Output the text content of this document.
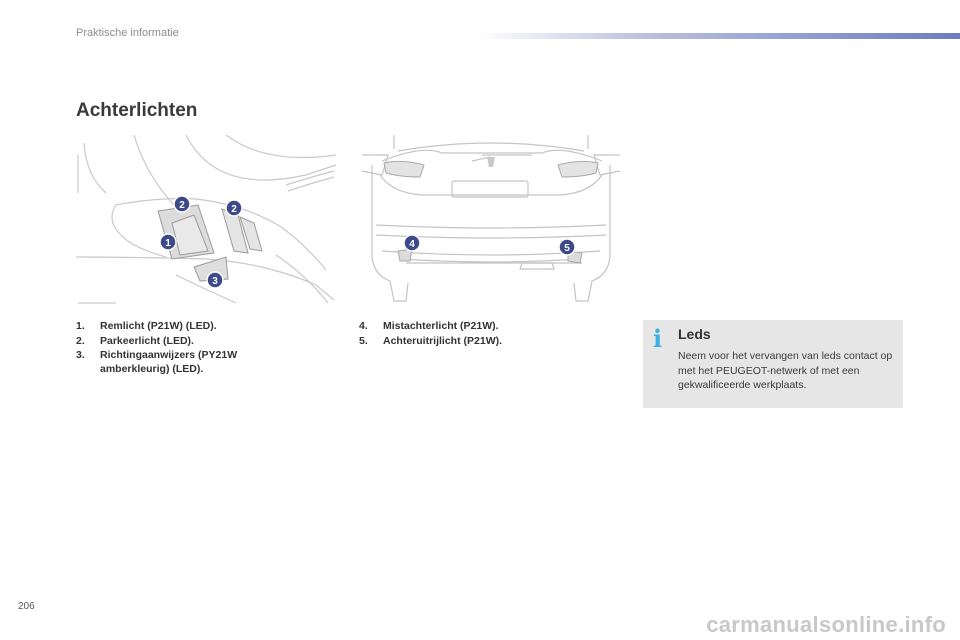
Praktische informatie
Achterlichten
1
2	2
3
4	5
1. Remlicht (P21W) (LED).
2. Parkeerlicht (LED).
3. Richtingaanwijzers (PY21W amberkleurig) (LED).
4. Mistachterlicht (P21W).
5. Achteruitrijlicht (P21W).	i Leds

Neem voor het vervangen van leds contact op met het PEUGEOT-netwerk of met een gekwalificeerde werkplaats.

206
carmanualsonline.info
